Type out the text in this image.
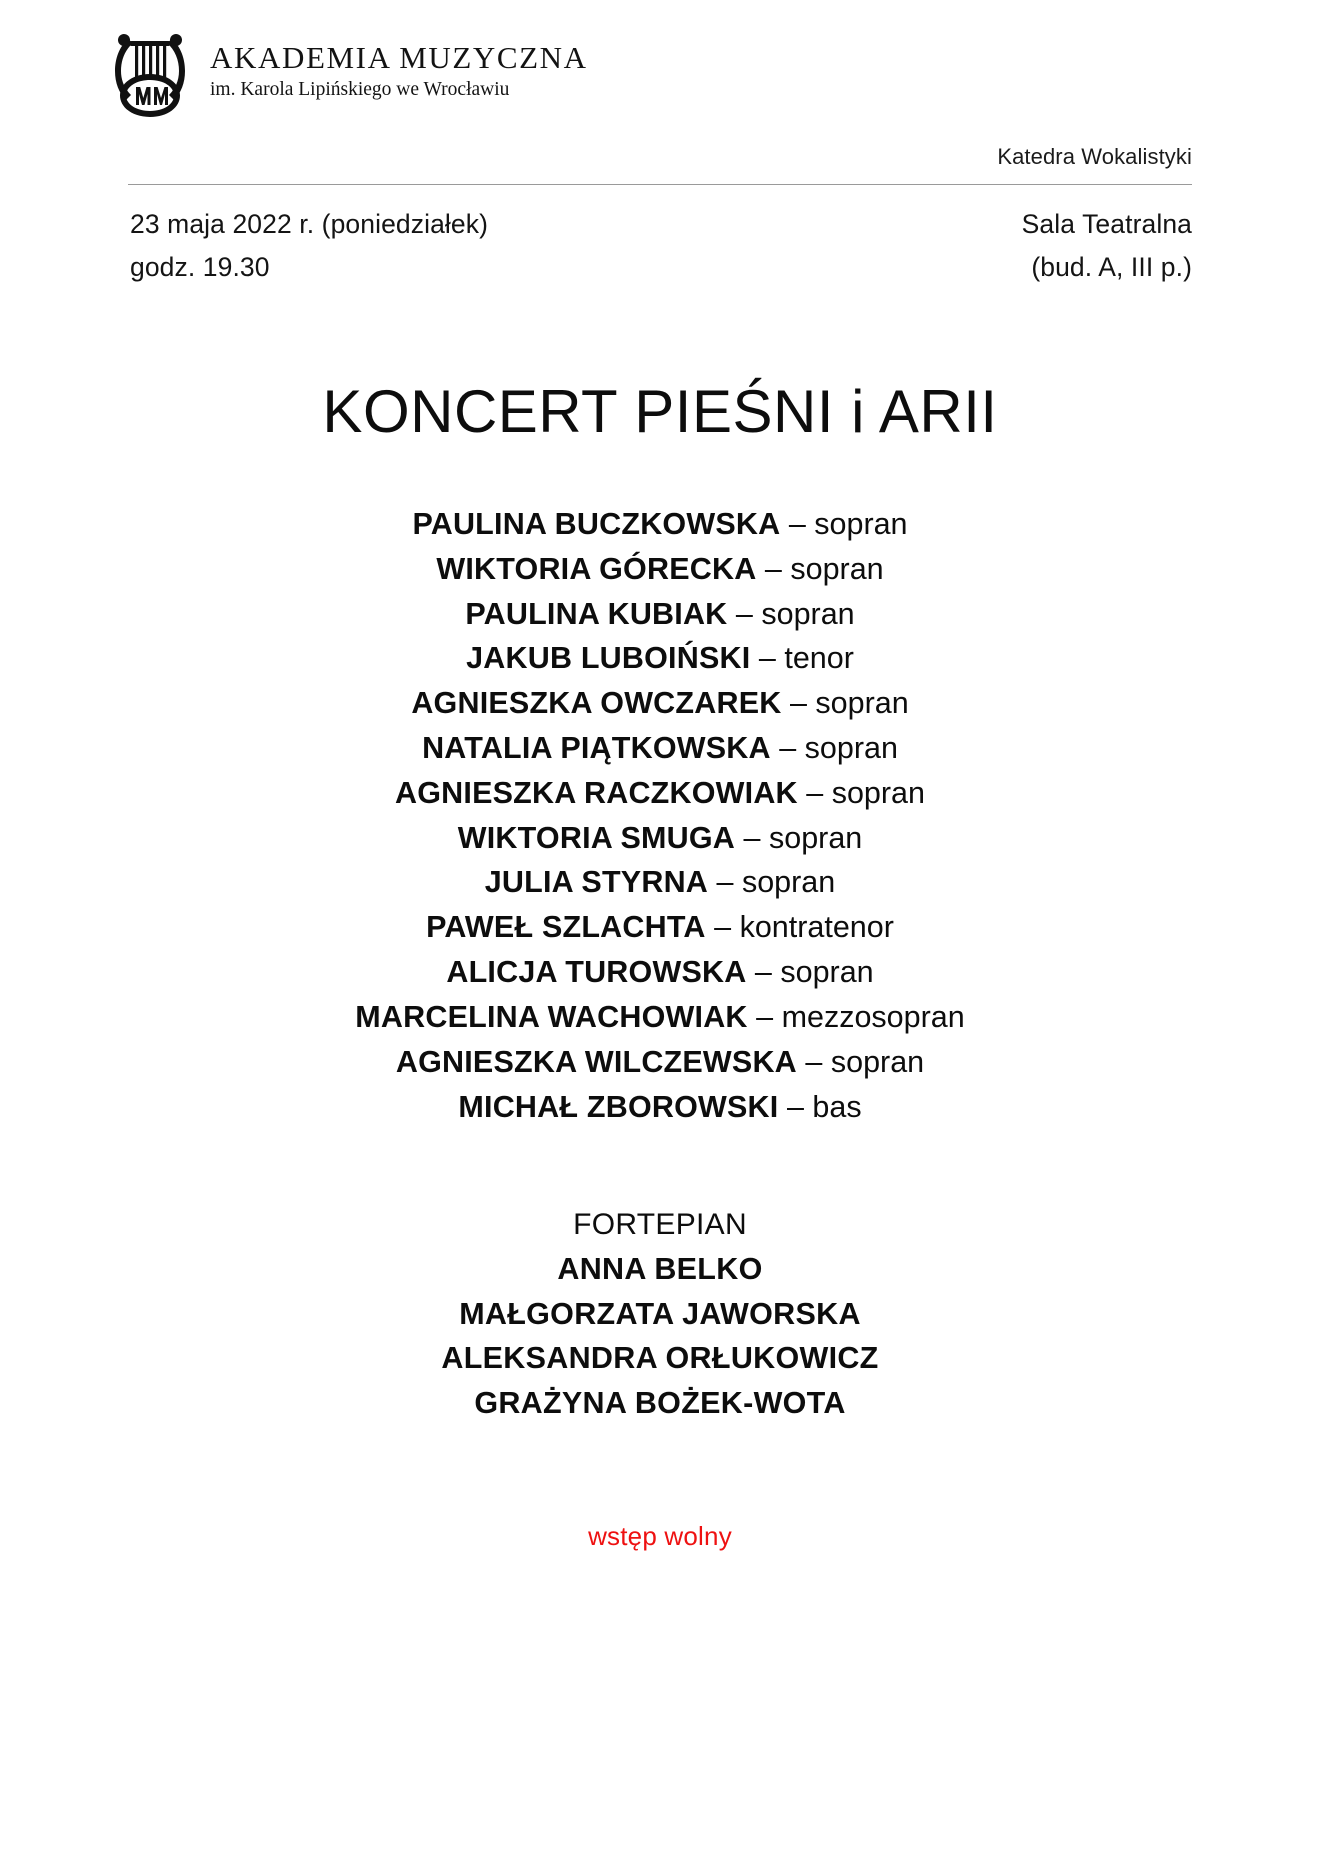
AKADEMIA MUZYCZNA
im. Karola Lipińskiego we Wrocławiu
Katedra Wokalistyki
23 maja 2022 r. (poniedziałek)
godz. 19.30
Sala Teatralna
(bud. A, III p.)
KONCERT PIEŚNI i ARII
PAULINA BUCZKOWSKA – sopran
WIKTORIA GÓRECKA – sopran
PAULINA KUBIAK – sopran
JAKUB LUBOIŃSKI – tenor
AGNIESZKA OWCZAREK – sopran
NATALIA PIĄTKOWSKA – sopran
AGNIESZKA RACZKOWIAK – sopran
WIKTORIA SMUGA – sopran
JULIA STYRNA – sopran
PAWEŁ SZLACHTA – kontratenor
ALICJA TUROWSKA – sopran
MARCELINA WACHOWIAK – mezzosopran
AGNIESZKA WILCZEWSKA – sopran
MICHAŁ ZBOROWSKI – bas
FORTEPIAN
ANNA BELKO
MAŁGORZATA JAWORSKA
ALEKSANDRA ORŁUKOWICZ
GRAŻYNA BOŻEK-WOTA
wstęp wolny
